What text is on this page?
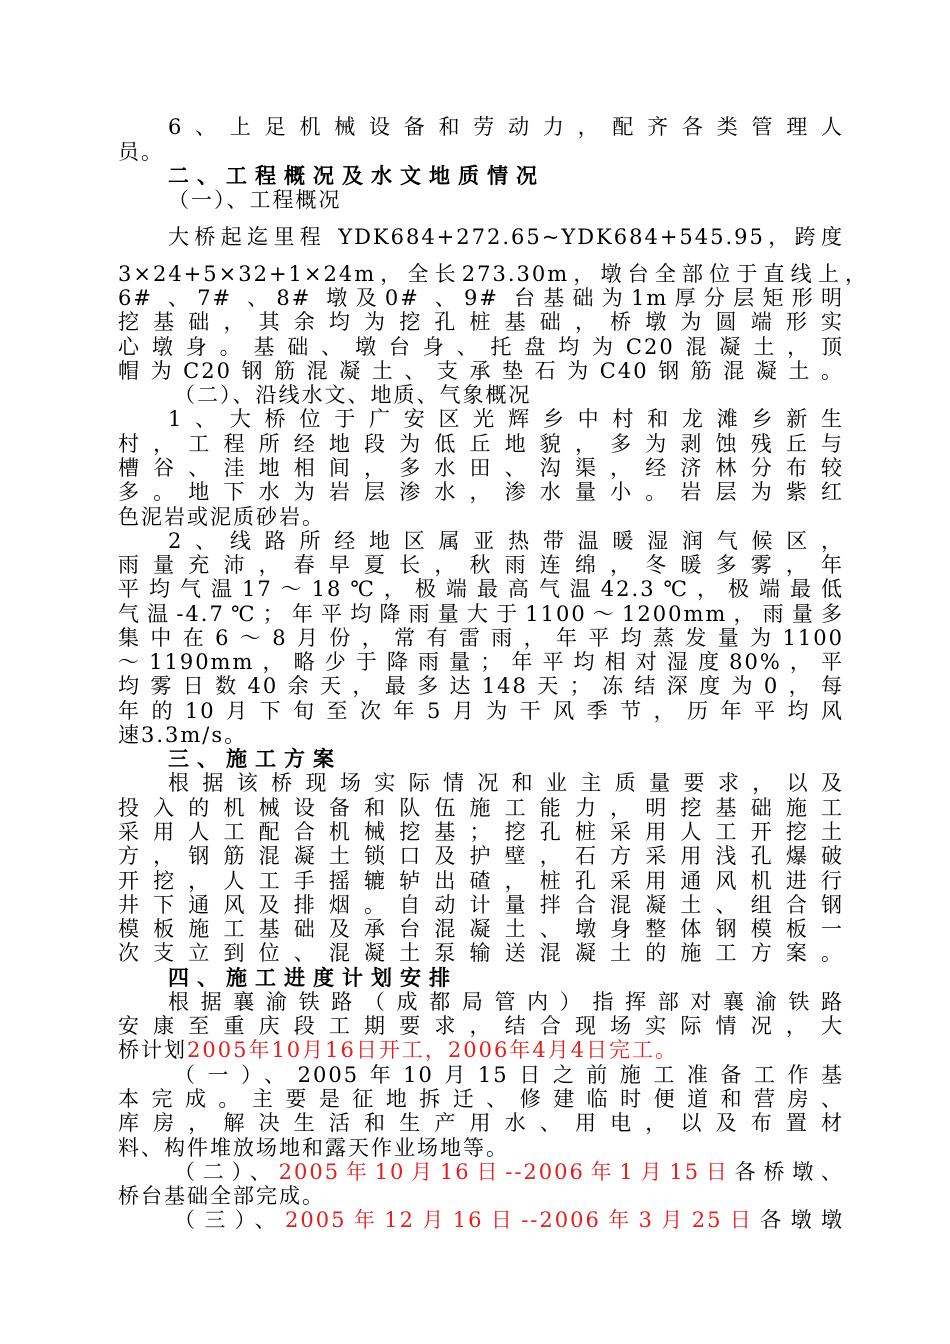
6、上足机械设备和劳动力，配齐各类管理人
员。
二、工程概况及水文地质情况
（一）、工程概况
大桥起迄里程 YDK684+272.65~YDK684+545.95，跨度
3×24+5×32+1×24m，全长273.30m，墩台全部位于直线上，
6# 、7# 、8# 墩及0# 、9# 台基础为1m厚分层矩形明
挖基础，其余均为挖孔桩基础，桥墩为圆端形实
心墩身。基础、墩台身、托盘均为C20混凝土，顶
帽为C20钢筋混凝土、支承垫石为C40钢筋混凝土。
（二）、沿线水文、地质、气象概况
1、大桥位于广安区光辉乡中村和龙滩乡新生
村，工程所经地段为低丘地貌，多为剥蚀残丘与
槽谷、洼地相间，多水田、沟渠，经济林分布较
多。地下水为岩层渗水，渗水量小。岩层为紫红
色泥岩或泥质砂岩。
2、线路所经地区属亚热带温暖湿润气候区，
雨量充沛，春早夏长，秋雨连绵，冬暖多雾，年
平均气温17～18℃，极端最高气温42.3℃，极端最低
气温-4.7℃；年平均降雨量大于1100～1200mm，雨量多
集中在6～8月份，常有雷雨，年平均蒸发量为1100
～1190mm，略少于降雨量；年平均相对湿度80%，平
均雾日数40余天，最多达148天；冻结深度为0，每
年的10月下旬至次年5月为干风季节，历年平均风
速3.3m/s。
三、施工方案
根据该桥现场实际情况和业主质量要求，以及
投入的机械设备和队伍施工能力，明挖基础施工
采用人工配合机械挖基；挖孔桩采用人工开挖土
方，钢筋混凝土锁口及护壁，石方采用浅孔爆破
开挖，人工手摇辘轳出碴，桩孔采用通风机进行
井下通风及排烟。自动计量拌合混凝土、组合钢
模板施工基础及承台混凝土、墩身整体钢模板一
次支立到位、混凝土泵输送混凝土的施工方案。
四、施工进度计划安排
根据襄渝铁路（成都局管内）指挥部对襄渝铁路
安康至重庆段工期要求，结合现场实际情况，大
桥计划2005年10月16日开工，2006年4月4日完工。
（一）、2005年10月15日之前施工准备工作基
本完成。主要是征地拆迁、修建临时便道和营房、
库房，解决生活和生产用水、用电，以及布置材
料、构件堆放场地和露天作业场地等。
（二）、2005年10月16日--2006年1月15日各桥墩、
桥台基础全部完成。
（三）、2005年12月16日--2006年3月25日各墩墩
